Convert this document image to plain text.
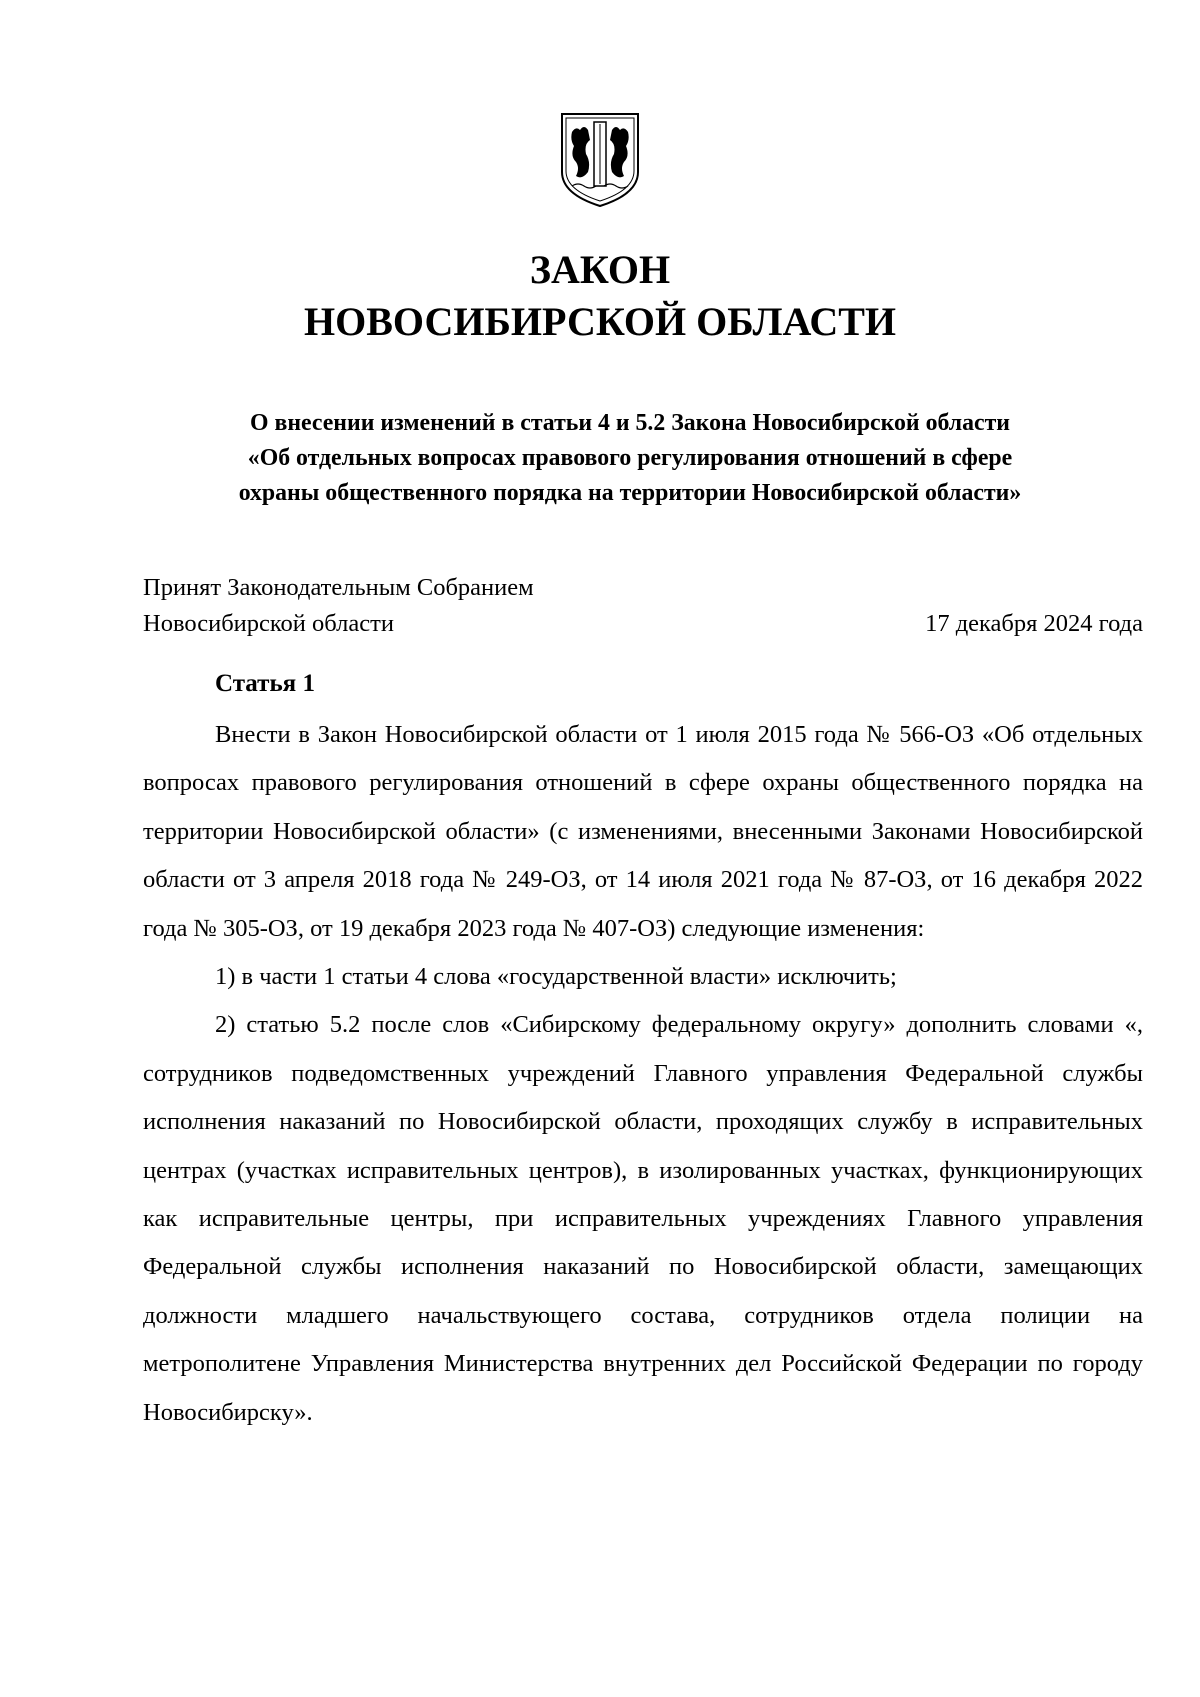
ЗАКОН
НОВОСИБИРСКОЙ ОБЛАСТИ
О внесении изменений в статьи 4 и 5.2 Закона Новосибирской области
«Об отдельных вопросах правового регулирования отношений в сфере
охраны общественного порядка на территории Новосибирской области»
Принят Законодательным Собранием
Новосибирской области	17 декабря 2024 года
Статья 1

Внести в Закон Новосибирской области от 1 июля 2015 года № 566-ОЗ «Об отдельных вопросах правового регулирования отношений в сфере охраны общественного порядка на территории Новосибирской области» (с изменениями, внесенными Законами Новосибирской области от 3 апреля 2018 года № 249-ОЗ, от 14 июля 2021 года № 87-ОЗ, от 16 декабря 2022 года № 305-ОЗ, от 19 декабря 2023 года № 407-ОЗ) следующие изменения:

1) в части 1 статьи 4 слова «государственной власти» исключить;

2) статью 5.2 после слов «Сибирскому федеральному округу» дополнить словами «, сотрудников подведомственных учреждений Главного управления Федеральной службы исполнения наказаний по Новосибирской области, проходящих службу в исправительных центрах (участках исправительных центров), в изолированных участках, функционирующих как исправительные центры, при исправительных учреждениях Главного управления Федеральной службы исполнения наказаний по Новосибирской области, замещающих должности младшего начальствующего состава, сотрудников отдела полиции на метрополитене Управления Министерства внутренних дел Российской Федерации по городу Новосибирску».
